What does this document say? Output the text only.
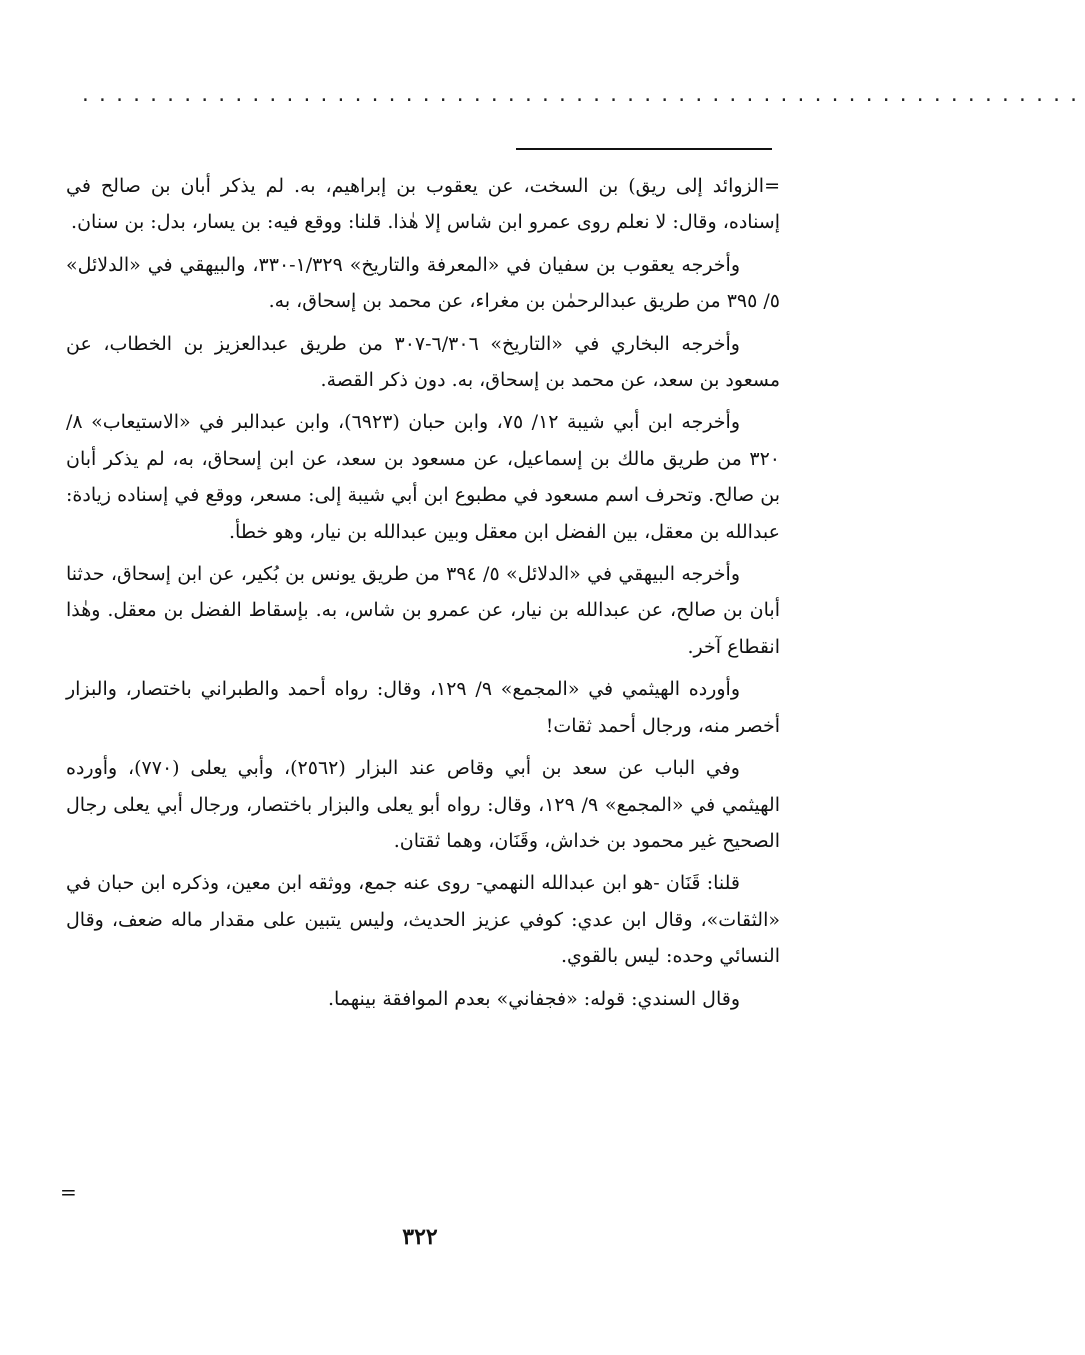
...........................................................

=الزوائد إلى ريق) بن السخت، عن يعقوب بن إبراهيم، به. لم يذكر أبان بن صالح في إسناده، وقال: لا نعلم روى عمرو ابن شاس إلا هٰذا. قلنا: ووقع فيه: بن يسار، بدل: بن سنان.

وأخرجه يعقوب بن سفيان في «المعرفة والتاريخ» ١/٣٢٩-٣٣٠، والبيهقي في «الدلائل» ٥/ ٣٩٥ من طريق عبدالرحمٰن بن مغراء، عن محمد بن إسحاق، به.

وأخرجه البخاري في «التاريخ» ٦/٣٠٦-٣٠٧ من طريق عبدالعزيز بن الخطاب، عن مسعود بن سعد، عن محمد بن إسحاق، به. دون ذكر القصة.

وأخرجه ابن أبي شيبة ١٢/ ٧٥، وابن حبان (٦٩٢٣)، وابن عبدالبر في «الاستيعاب» ٨/ ٣٢٠ من طريق مالك بن إسماعيل، عن مسعود بن سعد، عن ابن إسحاق، به، لم يذكر أبان بن صالح. وتحرف اسم مسعود في مطبوع ابن أبي شيبة إلى: مسعر، ووقع في إسناده زيادة: عبدالله بن معقل، بين الفضل ابن معقل وبين عبدالله بن نيار، وهو خطأ.

وأخرجه البيهقي في «الدلائل» ٥/ ٣٩٤ من طريق يونس بن بُكير، عن ابن إسحاق، حدثنا أبان بن صالح، عن عبدالله بن نيار، عن عمرو بن شاس، به. بإسقاط الفضل بن معقل. وهٰذا انقطاع آخر.

وأورده الهيثمي في «المجمع» ٩/ ١٢٩، وقال: رواه أحمد والطبراني باختصار، والبزار أخصر منه، ورجال أحمد ثقات!

وفي الباب عن سعد بن أبي وقاص عند البزار (٢٥٦٢)، وأبي يعلى (٧٧٠)، وأورده الهيثمي في «المجمع» ٩/ ١٢٩، وقال: رواه أبو يعلى والبزار باختصار، ورجال أبي يعلى رجال الصحيح غير محمود بن خداش، وقَنَان، وهما ثقتان.

قلنا: قَنَان -هو ابن عبدالله النهمي- روى عنه جمع، ووثقه ابن معين، وذكره ابن حبان في «الثقات»، وقال ابن عدي: كوفي عزيز الحديث، وليس يتبين على مقدار ماله ضعف، وقال النسائي وحده: ليس بالقوي.

وقال السندي: قوله: «فجفاني» بعدم الموافقة بينهما.

=
٣٢٢
